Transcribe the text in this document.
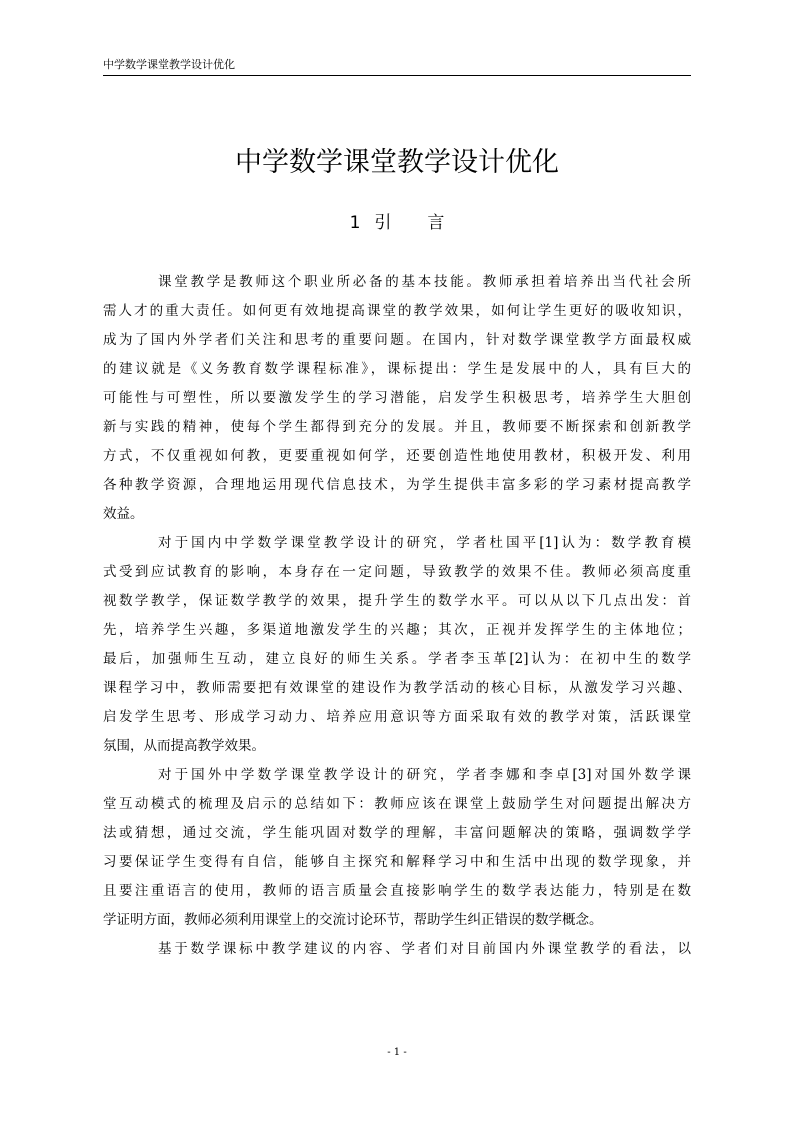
中学数学课堂教学设计优化
中学数学课堂教学设计优化
1 引 言
课堂教学是教师这个职业所必备的基本技能。教师承担着培养出当代社会所
需人才的重大责任。如何更有效地提高课堂的教学效果，如何让学生更好的吸收知识，
成为了国内外学者们关注和思考的重要问题。在国内，针对数学课堂教学方面最权威
的建议就是《义务教育数学课程标准》，课标提出：学生是发展中的人，具有巨大的
可能性与可塑性，所以要激发学生的学习潜能，启发学生积极思考，培养学生大胆创
新与实践的精神，使每个学生都得到充分的发展。并且，教师要不断探索和创新教学
方式，不仅重视如何教，更要重视如何学，还要创造性地使用教材，积极开发、利用
各种教学资源，合理地运用现代信息技术，为学生提供丰富多彩的学习素材提高教学
效益。
对于国内中学数学课堂教学设计的研究，学者杜国平[1]认为：数学教育模
式受到应试教育的影响，本身存在一定问题，导致教学的效果不佳。教师必须高度重
视数学教学，保证数学教学的效果，提升学生的数学水平。可以从以下几点出发：首
先，培养学生兴趣，多渠道地激发学生的兴趣；其次，正视并发挥学生的主体地位；
最后，加强师生互动，建立良好的师生关系。学者李玉革[2]认为：在初中生的数学
课程学习中，教师需要把有效课堂的建设作为教学活动的核心目标，从激发学习兴趣、
启发学生思考、形成学习动力、培养应用意识等方面采取有效的教学对策，活跃课堂
氛围，从而提高教学效果。
对于国外中学数学课堂教学设计的研究，学者李娜和李卓[3]对国外数学课
堂互动模式的梳理及启示的总结如下：教师应该在课堂上鼓励学生对问题提出解决方
法或猜想，通过交流，学生能巩固对数学的理解，丰富问题解决的策略，强调数学学
习要保证学生变得有自信，能够自主探究和解释学习中和生活中出现的数学现象，并
且要注重语言的使用，教师的语言质量会直接影响学生的数学表达能力，特别是在数
学证明方面，教师必须利用课堂上的交流讨论环节，帮助学生纠正错误的数学概念。
基于数学课标中教学建议的内容、学者们对目前国内外课堂教学的看法，以
- 1 -
